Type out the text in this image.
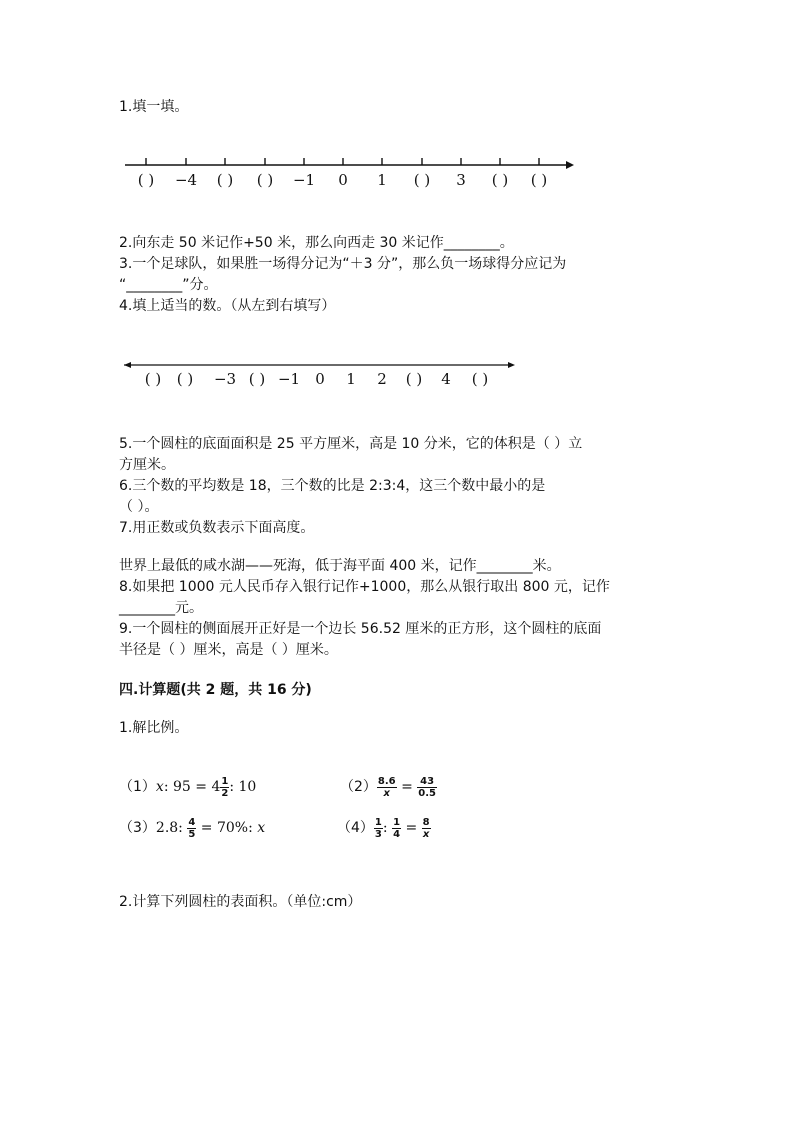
1.填一填。
( ) −4 ( ) ( ) −1 0 1 ( ) 3 ( ) ( )
2.向东走 50 米记作+50 米，那么向西走 30 米记作________。
3.一个足球队，如果胜一场得分记为“＋3 分”，那么负一场球得分应记为
“________”分。
4.填上适当的数。（从左到右填写）
( ) ( ) −3 ( ) −1 0 1 2 ( ) 4 ( )
5.一个圆柱的底面面积是 25 平方厘米，高是 10 分米，它的体积是（ ）立
方厘米。
6.三个数的平均数是 18，三个数的比是 2:3:4，这三个数中最小的是
（ ）。
7.用正数或负数表示下面高度。
世界上最低的咸水湖——死海，低于海平面 400 米，记作________米。
8.如果把 1000 元人民币存入银行记作+1000，那么从银行取出 800 元，记作
________元。
9.一个圆柱的侧面展开正好是一个边长 56.52 厘米的正方形，这个圆柱的底面
半径是（ ）厘米，高是（ ）厘米。
四.计算题(共 2 题，共 16 分)
1.解比例。
（1）x: $95 = 4 \frac{1}{2}$ : 10	$(2) \frac{8.6}{x} = \frac{43}{0.5}$
（3）2.8: $\frac{4}{5} = 70\%$: x	$(4) \frac{1}{3}$ : $\frac{1}{4} = \frac{8}{x}$
2.计算下列圆柱的表面积。（单位:cm）
